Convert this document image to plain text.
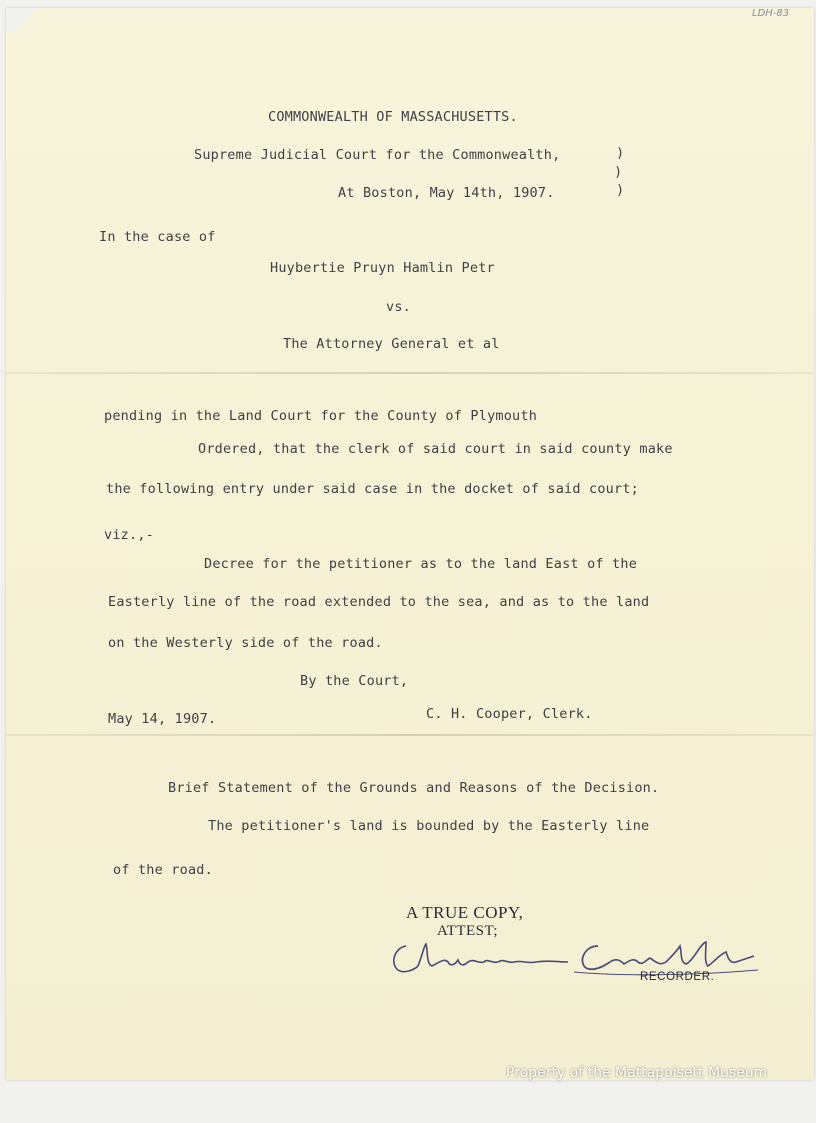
LDH-83
COMMONWEALTH OF MASSACHUSETTS.
Supreme Judicial Court for the Commonwealth,	)
)
At Boston, May 14th, 1907.	)
In the case of
Huybertie Pruyn Hamlin Petr
vs.
The Attorney General et al
pending in the Land Court for the County of Plymouth
Ordered, that the clerk of said court in said county make
the following entry under said case in the docket of said court;
viz.,-
Decree for the petitioner as to the land East of the
Easterly line of the road extended to the sea, and as to the land
on the Westerly side of the road.
By the Court,
May 14, 1907.	C. H. Cooper, Clerk.
Brief Statement of the Grounds and Reasons of the Decision.
The petitioner's land is bounded by the Easterly line
of the road.
A TRUE COPY,
ATTEST;
RECORDER.
Property of the Mattapoisett Museum
